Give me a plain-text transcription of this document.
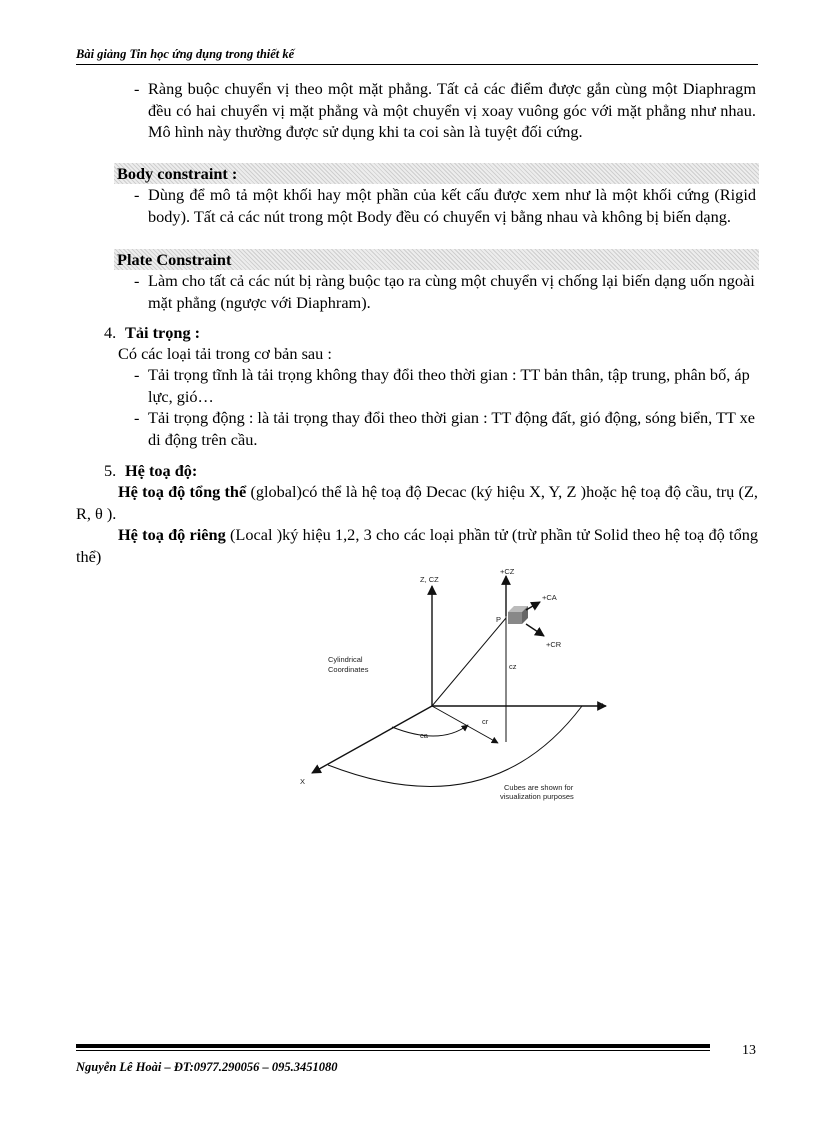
Bài giảng Tin học ứng dụng trong thiết kế
- Ràng buộc chuyển vị theo một mặt phẳng. Tất cả các điểm được gắn cùng một Diaphragm đều có hai chuyển vị mặt phẳng và một chuyển vị xoay vuông góc với mặt phẳng như nhau. Mô hình này thường được sử dụng khi ta coi sàn là tuyệt đối cứng.
Body constraint :
- Dùng để mô tả một khối hay một phần của kết cấu được xem như là một khối cứng (Rigid body). Tất cả các nút trong một Body đều có chuyển vị bằng nhau và không bị biến dạng.
Plate Constraint
- Làm cho tất cả các nút bị ràng buộc tạo ra cùng một chuyển vị chống lại biến dạng uốn ngoài mặt phẳng (ngược với Diaphram).
4. Tải trọng :
Có các loại tải trong cơ bản sau :
- Tải trọng tĩnh là tải trọng không thay đổi theo thời gian : TT bản thân, tập trung, phân bố, áp lực, gió…
- Tải trọng động : là tải trọng thay đổi theo thời gian : TT động đất, gió động, sóng biển, TT xe di động trên cầu.
5. Hệ toạ độ:
Hệ toạ độ tổng thể (global)có thể là hệ toạ độ Decac (ký hiệu X, Y, Z )hoặc hệ toạ độ cầu, trụ (Z, R, θ ).
Hệ toạ độ riêng (Local )ký hiệu 1,2, 3 cho các loại phần tử (trừ phần tử Solid theo hệ toạ độ tổng thể)
Z, CZ
+CZ
+CA
+CR
P
Cylindrical
Coordinates	cz
cr
ca
Y
X
Cubes are shown for
visualization purposes
13
Nguyễn Lê Hoài – ĐT:0977.290056 – 095.3451080
